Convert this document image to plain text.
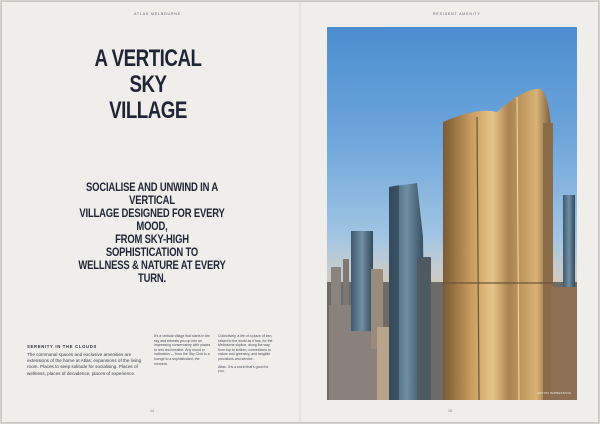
ATLAS MELBOURNE	RESIDENT AMENITY
A VERTICAL
SKY VILLAGE
SOCIALISE AND UNWIND IN A VERTICAL
VILLAGE DESIGNED FOR EVERY MOOD,
FROM SKY-HIGH SOPHISTICATION TO
WELLNESS & NATURE AT EVERY TURN.
SERENITY IN THE CLOUDS
The communal spaces and exclusive amenities are extensions of the home at Atlas; expansions of the living room. Places to seep solitude for socialising. Places of wellness, places of decadence, places of experience.

It's a vertical village that starts in the sky and retreats you up into an impressing conservatory with places to rest and breathe. Any mood or inclination — from the Sky Club to a lounge to a sophisticated, the moment.

Collectively, a life of a place of zen, raised to the world as it has, for the Melbourne skyline, along the way, from top to bottom, connections to nature and greenery, and tangible precisions and service.

Atlas. It is a world that's good for you.

14	15
ARTIST IMPRESSION
